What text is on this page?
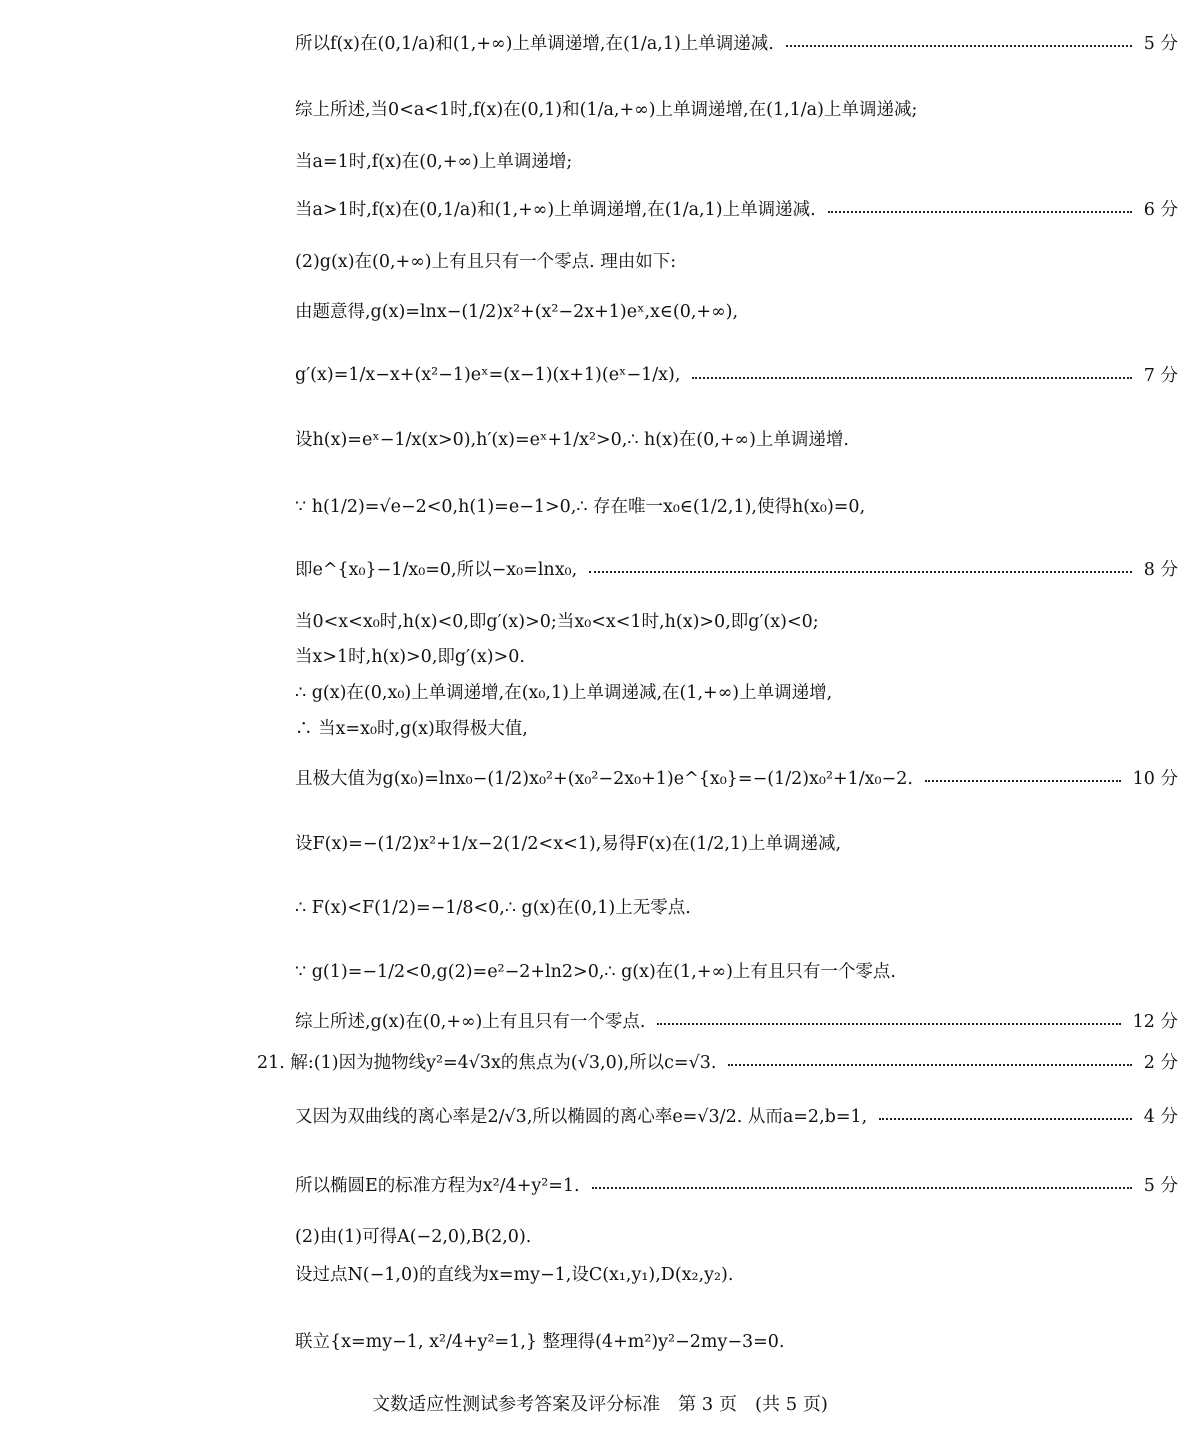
所以f(x)在(0,1/a)和(1,+∞)上单调递增,在(1/a,1)上单调递减.	5 分
综上所述,当0<a<1时,f(x)在(0,1)和(1/a,+∞)上单调递增,在(1,1/a)上单调递减;
当a=1时,f(x)在(0,+∞)上单调递增;
当a>1时,f(x)在(0,1/a)和(1,+∞)上单调递增,在(1/a,1)上单调递减.	6 分
(2)g(x)在(0,+∞)上有且只有一个零点. 理由如下:
由题意得,g(x)=lnx−(1/2)x²+(x²−2x+1)eˣ,x∈(0,+∞),
g′(x)=1/x−x+(x²−1)eˣ=(x−1)(x+1)(eˣ−1/x),	7 分
设h(x)=eˣ−1/x(x>0),h′(x)=eˣ+1/x²>0,∴ h(x)在(0,+∞)上单调递增.
∵ h(1/2)=√e−2<0,h(1)=e−1>0,∴ 存在唯一x₀∈(1/2,1),使得h(x₀)=0,
即e^{x₀}−1/x₀=0,所以−x₀=lnx₀,	8 分
当0<x<x₀时,h(x)<0,即g′(x)>0;当x₀<x<1时,h(x)>0,即g′(x)<0;
当x>1时,h(x)>0,即g′(x)>0.
∴ g(x)在(0,x₀)上单调递增,在(x₀,1)上单调递减,在(1,+∞)上单调递增,
∴ 当x=x₀时,g(x)取得极大值,
且极大值为g(x₀)=lnx₀−(1/2)x₀²+(x₀²−2x₀+1)e^{x₀}=−(1/2)x₀²+1/x₀−2.	10 分
设F(x)=−(1/2)x²+1/x−2(1/2<x<1),易得F(x)在(1/2,1)上单调递减,
∴ F(x)<F(1/2)=−1/8<0,∴ g(x)在(0,1)上无零点.
∵ g(1)=−1/2<0,g(2)=e²−2+ln2>0,∴ g(x)在(1,+∞)上有且只有一个零点.
综上所述,g(x)在(0,+∞)上有且只有一个零点.	12 分
21. 解:(1)因为抛物线y²=4√3x的焦点为(√3,0),所以c=√3.	2 分
又因为双曲线的离心率是2/√3,所以椭圆的离心率e=√3/2. 从而a=2,b=1,	4 分
所以椭圆E的标准方程为x²/4+y²=1.	5 分
(2)由(1)可得A(−2,0),B(2,0).
设过点N(−1,0)的直线为x=my−1,设C(x₁,y₁),D(x₂,y₂).
联立{x=my−1, x²/4+y²=1,} 整理得(4+m²)y²−2my−3=0.
文数适应性测试参考答案及评分标准　第 3 页　(共 5 页)
